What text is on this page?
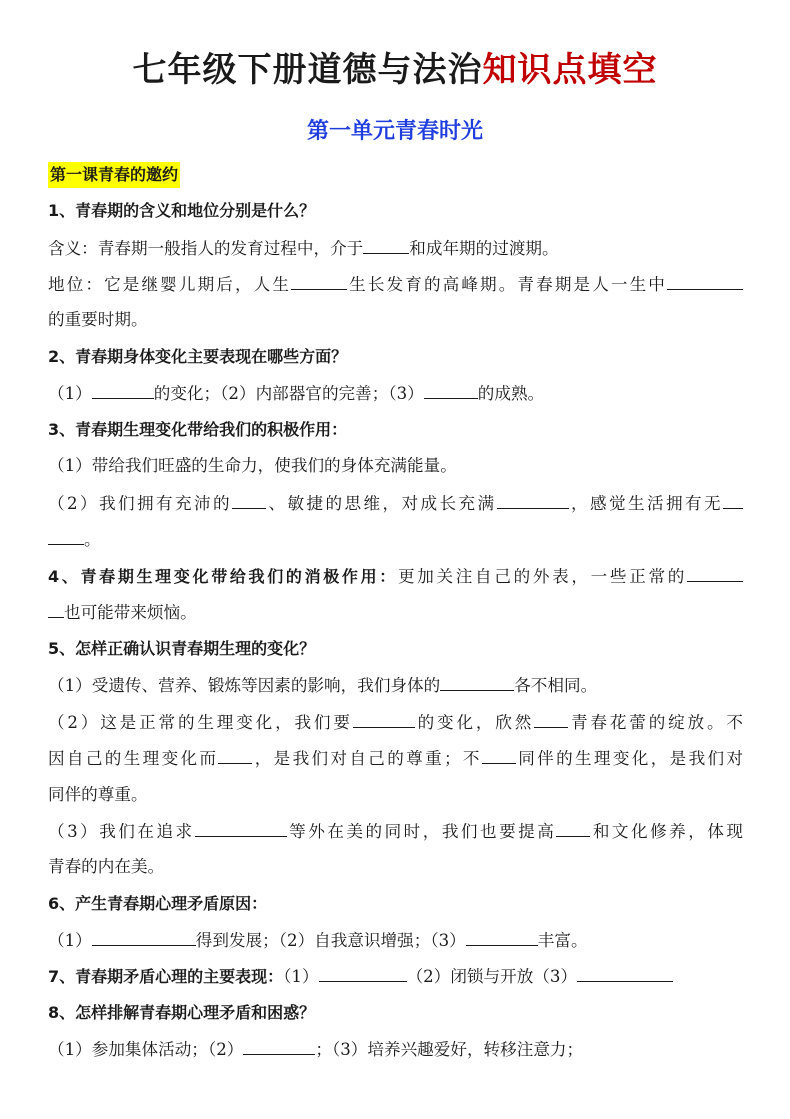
七年级下册道德与法治知识点填空
第一单元青春时光
第一课青春的邀约
1、青春期的含义和地位分别是什么？
含义：青春期一般指人的发育过程中，介于	和成年期的过渡期。
地位：它是继婴儿期后，人生	生长发育的高峰期。青春期是人一生中
的重要时期。
2、青春期身体变化主要表现在哪些方面？
（1）	的变化；（2）内部器官的完善；（3）	的成熟。
3、青春期生理变化带给我们的积极作用：
（1）带给我们旺盛的生命力，使我们的身体充满能量。
（2）我们拥有充沛的 、敏捷的思维，对成长充满	，感觉生活拥有无
。
4、青春期生理变化带给我们的消极作用：更加关注自己的外表，一些正常的
也可能带来烦恼。
5、怎样正确认识青春期生理的变化？
（1）受遗传、营养、锻炼等因素的影响，我们身体的	各不相同。
（2）这是正常的生理变化，我们要	的变化，欣然 青春花蕾的绽放。不
因自己的生理变化而 ，是我们对自己的尊重；不 同伴的生理变化，是我们对
同伴的尊重。
（3）我们在追求	等外在美的同时，我们也要提高 和文化修养，体现
青春的内在美。
6、产生青春期心理矛盾原因：
（1）	得到发展；（2）自我意识增强；（3）	丰富。
7、青春期矛盾心理的主要表现：（1）	（2）闭锁与开放（3）
8、怎样排解青春期心理矛盾和困惑？
（1）参加集体活动；（2）	；（3）培养兴趣爱好，转移注意力；
